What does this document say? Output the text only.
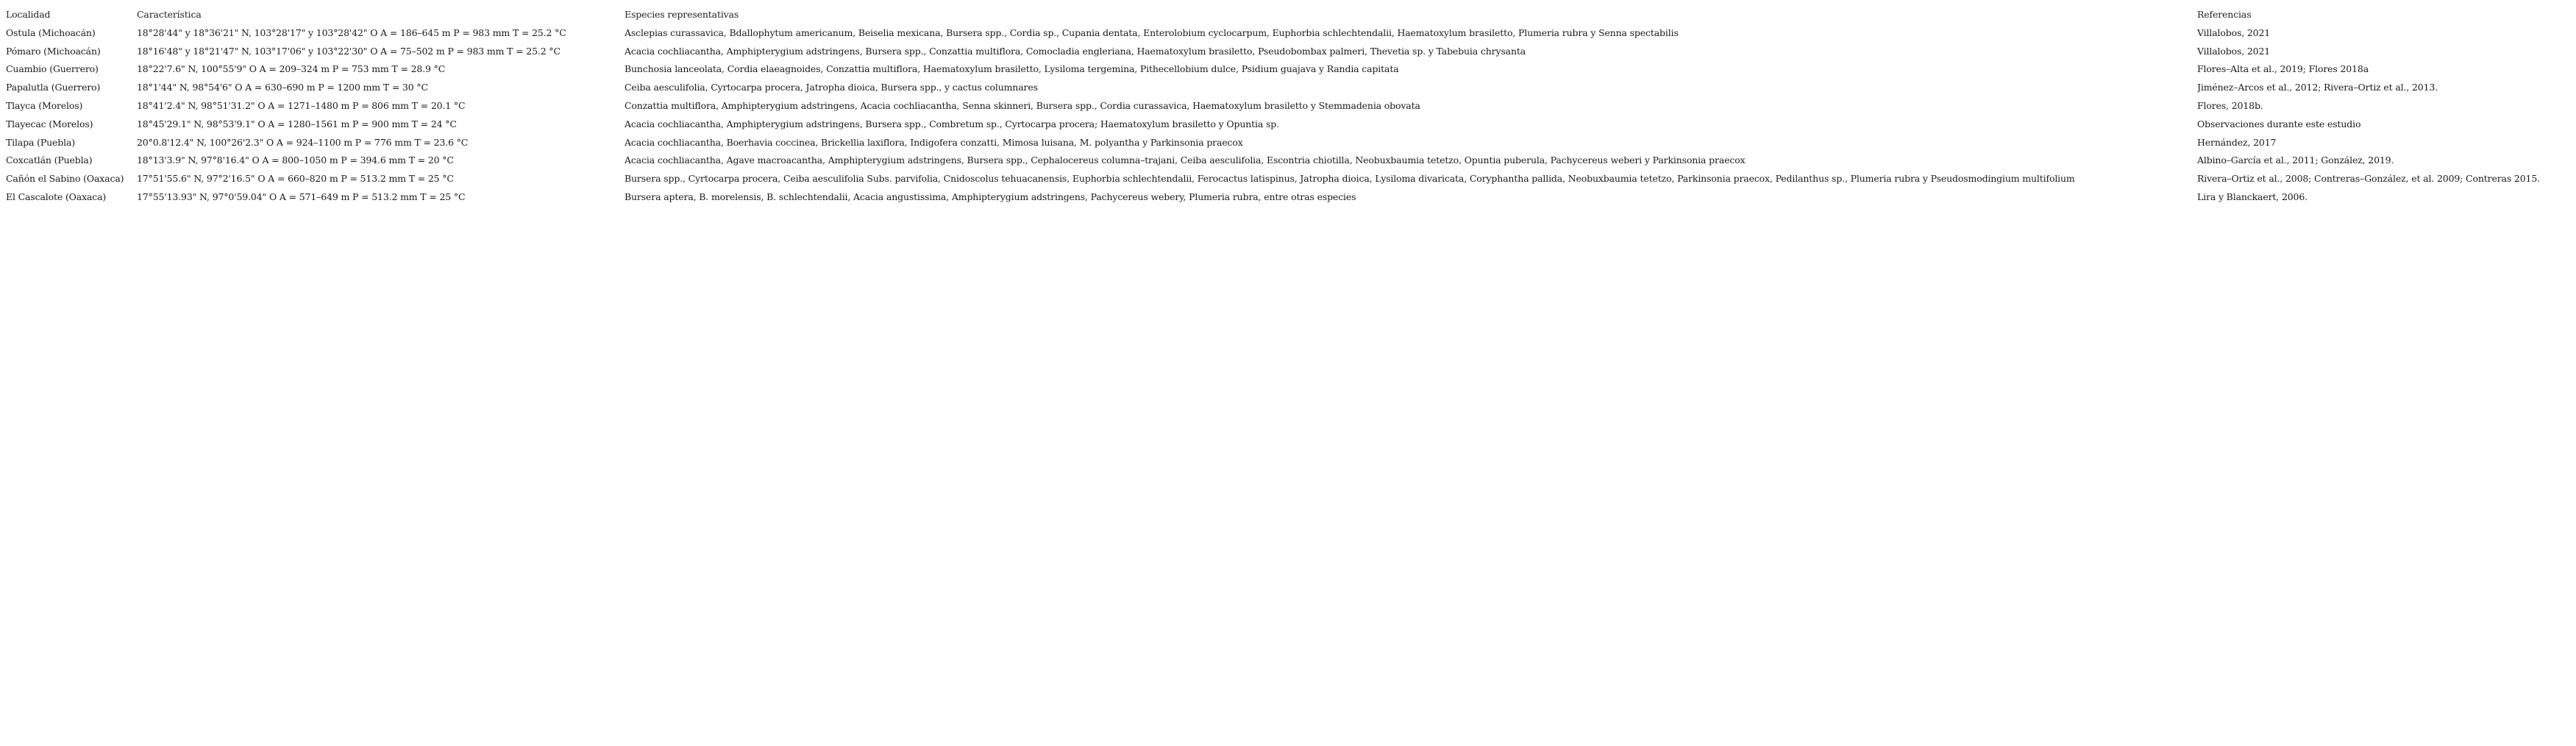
Localidad	Característica	Especies representativas	Referencias
Ostula (Michoacán)	18°28'44" y 18°36'21" N, 103°28'17" y 103°28'42" O A = 186–645 m P = 983 mm T = 25.2 °C	Asclepias curassavica, Bdallophytum americanum, Beiselia mexicana, Bursera spp., Cordia sp., Cupania dentata, Enterolobium cyclocarpum, Euphorbia schlechtendalii, Haematoxylum brasiletto, Plumeria rubra y Senna spectabilis	Villalobos, 2021
Pómaro (Michoacán)	18°16'48" y 18°21'47" N, 103°17'06" y 103°22'30" O A = 75–502 m P = 983 mm T = 25.2 °C	Acacia cochliacantha, Amphipterygium adstringens, Bursera spp., Conzattia multiflora, Comocladia engleriana, Haematoxylum brasiletto, Pseudobombax palmeri, Thevetia sp. y Tabebuia chrysanta	Villalobos, 2021
Cuambio (Guerrero)	18°22'7.6" N, 100°55'9" O A = 209–324 m P = 753 mm T = 28.9 °C	Bunchosia lanceolata, Cordia elaeagnoides, Conzattia multiflora, Haematoxylum brasiletto, Lysiloma tergemina, Pithecellobium dulce, Psidium guajava y Randia capitata	Flores–Alta et al., 2019; Flores 2018a
Papalutla (Guerrero)	18°1'44" N, 98°54'6" O A = 630–690 m P = 1200 mm T = 30 °C	Ceiba aesculifolia, Cyrtocarpa procera, Jatropha dioica, Bursera spp., y cactus columnares	Jiménez–Arcos et al., 2012; Rivera–Ortiz et al., 2013.
Tlayca (Morelos)	18°41'2.4" N, 98°51'31.2" O A = 1271–1480 m P = 806 mm T = 20.1 °C	Conzattia multiflora, Amphipterygium adstringens, Acacia cochliacantha, Senna skinneri, Bursera spp., Cordia curassavica, Haematoxylum brasiletto y Stemmadenia obovata	Flores, 2018b.
Tlayecac (Morelos)	18°45'29.1" N, 98°53'9.1" O A = 1280–1561 m P = 900 mm T = 24 °C	Acacia cochliacantha, Amphipterygium adstringens, Bursera spp., Combretum sp., Cyrtocarpa procera; Haematoxylum brasiletto y Opuntia sp.	Observaciones durante este estudio
Tilapa (Puebla)	20°0.8'12.4" N, 100°26'2.3" O A = 924–1100 m P = 776 mm T = 23.6 °C	Acacia cochliacantha, Boerhavia coccinea, Brickellia laxiflora, Indigofera conzatti, Mimosa luisana, M. polyantha y Parkinsonia praecox	Hernández, 2017
Coxcatlán (Puebla)	18°13'3.9" N, 97°8'16.4" O A = 800–1050 m P = 394.6 mm T = 20 °C	Acacia cochliacantha, Agave macroacantha, Amphipterygium adstringens, Bursera spp., Cephalocereus columna–trajani, Ceiba aesculifolia, Escontria chiotilla, Neobuxbaumia tetetzo, Opuntia puberula, Pachycereus weberi y Parkinsonia praecox	Albino–García et al., 2011; González, 2019.
Cañón el Sabino (Oaxaca)	17°51'55.6" N, 97°2'16.5" O A = 660–820 m P = 513.2 mm T = 25 °C	Bursera spp., Cyrtocarpa procera, Ceiba aesculifolia Subs. parvifolia, Cnidoscolus tehuacanensis, Euphorbia schlechtendalii, Ferocactus latispinus, Jatropha dioica, Lysiloma divaricata, Coryphantha pallida, Neobuxbaumia tetetzo, Parkinsonia praecox, Pedilanthus sp., Plumeria rubra y Pseudosmodingium multifolium	Rivera–Ortiz et al., 2008; Contreras–González, et al. 2009; Contreras 2015.
El Cascalote (Oaxaca)	17°55'13.93" N, 97°0'59.04" O A = 571–649 m P = 513.2 mm T = 25 °C	Bursera aptera, B. morelensis, B. schlechtendalii, Acacia angustissima, Amphipterygium adstringens, Pachycereus webery, Plumeria rubra, entre otras especies	Lira y Blanckaert, 2006.
